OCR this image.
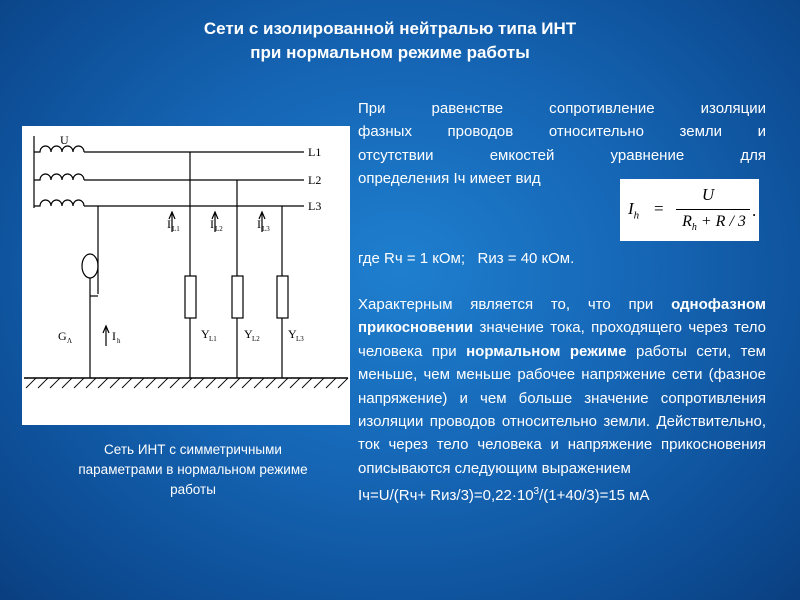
Сети с изолированной нейтралью типа ИНТ
при нормальном режиме работы
U
L1
L2
L3
I L1	I L2	I L3
G Λ	I h	Y L1 Y L2 Y L3
Сеть ИНТ с симметричными
параметрами в нормальном режиме
работы
При равенстве сопротивление изоляции
фазных проводов относительно земли и
отсутствии емкостей уравнение для
определения Iч имеет вид
где Rч = 1 кОм;   Rиз = 40 кОм.

Характерным является то, что при однофазном прикосновении значение тока, проходящего через тело человека при нормальном режиме работы сети, тем меньше, чем меньше рабочее напряжение сети (фазное напряжение) и чем больше значение сопротивления изоляции проводов относительно земли. Действительно, ток через тело человека и напряжение прикосновения описываются следующим выражением

Iч=U/(Rч+ Rиз/$3)=0,22\cdot 10^3/(1+40/3)=15$ мА

$I_h$ =
U
$R_h + R / 3$
.
